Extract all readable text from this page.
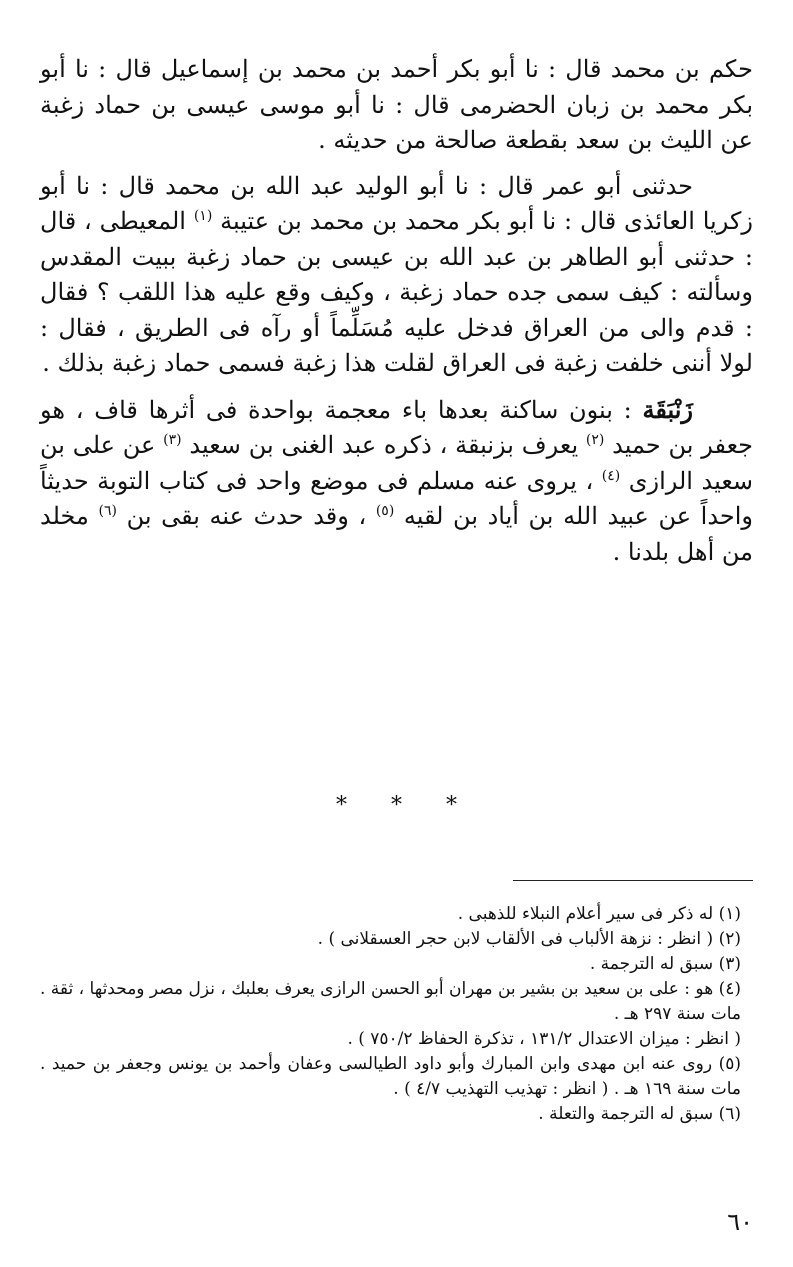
حكم بن محمد قال : نا أبو بكر أحمد بن محمد بن إسماعيل قال : نا أبو بكر محمد بن زبان الحضرمى قال : نا أبو موسى عيسى بن حماد زغبة عن الليث بن سعد بقطعة صالحة من حديثه .

حدثنى أبو عمر قال : نا أبو الوليد عبد الله بن محمد قال : نا أبو زكريا العائذى قال : نا أبو بكر محمد بن محمد بن عتيبة $^{(١)}$ المعيطى ، قال : حدثنى أبو الطاهر بن عبد الله بن عيسى بن حماد زغبة ببيت المقدس وسألته : كيف سمى جده حماد زغبة ، وكيف وقع عليه هذا اللقب ؟ فقال : قدم والى من العراق فدخل عليه مُسَلِّماً أو رآه فى الطريق ، فقال : لولا أننى خلفت زغبة فى العراق لقلت هذا زغبة فسمى حماد زغبة بذلك .

زَنْبَقَة : بنون ساكنة بعدها باء معجمة بواحدة فى أثرها قاف ، هو جعفر بن حميد $^{(٢)}$ يعرف بزنبقة ، ذكره عبد الغنى بن سعيد $^{(٣)}$ عن على بن سعيد الرازى $^{(٤)}$ ، يروى عنه مسلم فى موضع واحد فى كتاب التوبة حديثاً واحداً عن عبيد الله بن أياد بن لقيه $^{(٥)}$ ، وقد حدث عنه بقى بن $^{(٦)}$ مخلد من أهل بلدنا .

* * *

(١) له ذكر فى سير أعلام النبلاء للذهبى .

(٢) ( انظر : نزهة الألباب فى الألقاب لابن حجر العسقلانى ) .

(٣) سبق له الترجمة .

(٤) هو : على بن سعيد بن بشير بن مهران أبو الحسن الرازى يعرف بعلبك ، نزل مصر ومحدثها ، ثقة . مات سنة ٢٩٧ هـ .

( انظر : ميزان الاعتدال ١٣١/٢ ، تذكرة الحفاظ ٧٥٠/٢ ) .

(٥) روى عنه ابن مهدى وابن المبارك وأبو داود الطيالسى وعفان وأحمد بن يونس وجعفر بن حميد . مات سنة ١٦٩ هـ . ( انظر : تهذيب التهذيب ٤/٧ ) .

(٦) سبق له الترجمة والتعلة .

٦٠
